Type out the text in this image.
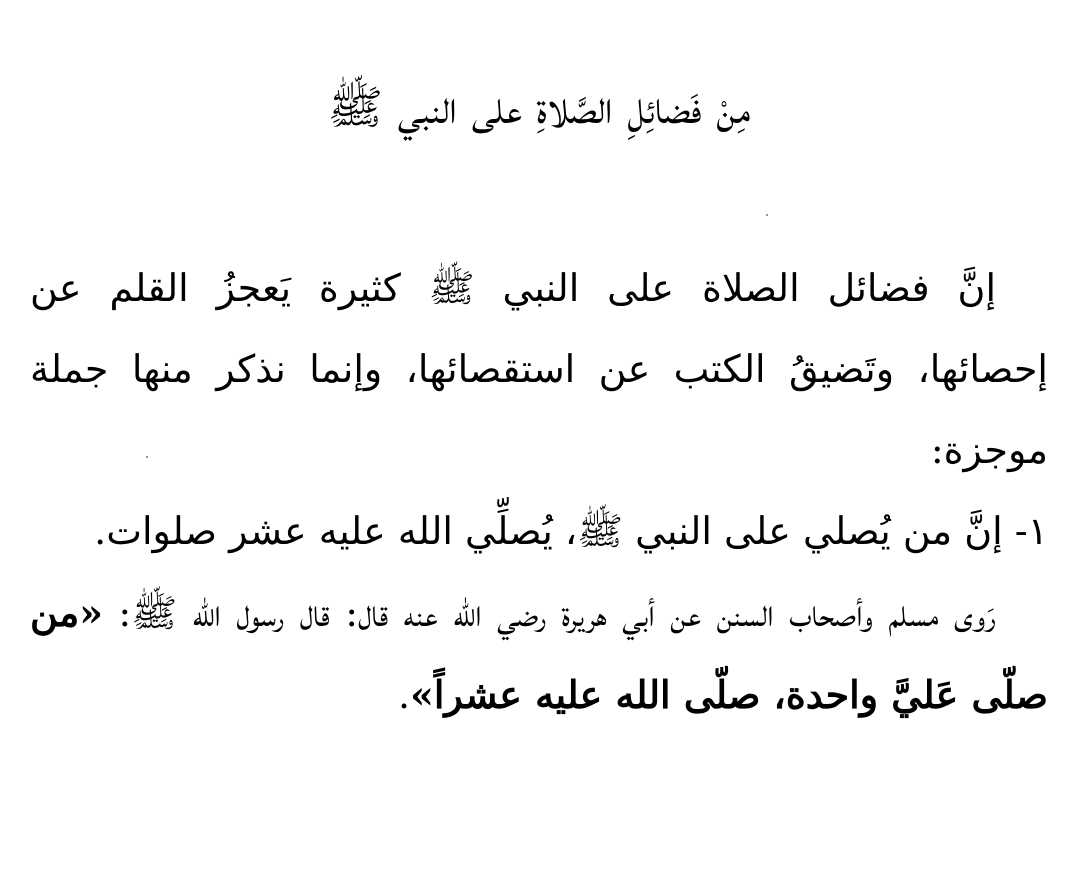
مِنْ فَضائِلِ الصَّلاةِ على النبي ﷺ

إنَّ فضائل الصلاة على النبي ﷺ كثيرة يَعجزُ القلم عن إحصائها، وتَضيقُ الكتب عن استقصائها، وإنما نذكر منها جملة موجزة:

١- إنَّ من يُصلي على النبي ﷺ، يُصلِّي الله عليه عشر صلوات.

رَوى مسلم وأصحاب السنن عن أبي هريرة رضي الله عنه قال: قال رسول الله ﷺ: «من صلّى عَليَّ واحدة، صلّى الله عليه عشراً».
